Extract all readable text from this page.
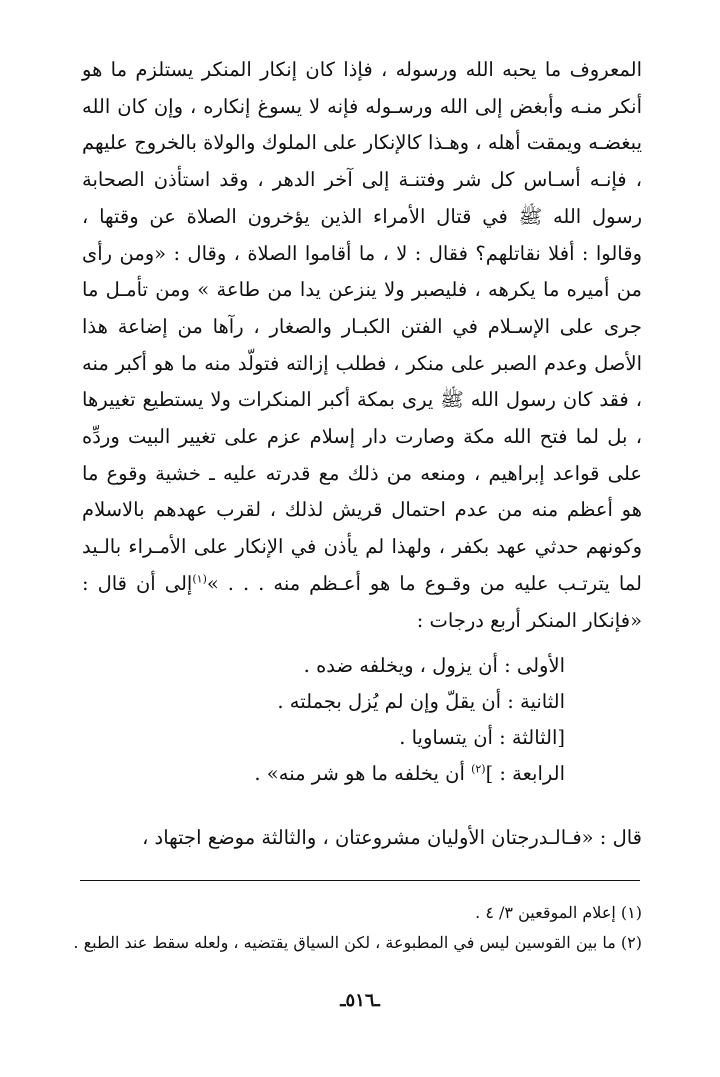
المعروف ما يحبه الله ورسوله ، فإذا كان إنكار المنكر يستلزم ما هو أنكر منـه وأبغض إلى الله ورسـوله فإنه لا يسوغ إنكاره ، وإن كان الله يبغضـه ويمقت أهله ، وهـذا كالإنكار على الملوك والولاة بالخروج عليهم ، فإنـه أسـاس كل شر وفتنـة إلى آخر الدهر ، وقد استأذن الصحابة رسول الله ﷺ في قتال الأمراء الذين يؤخرون الصلاة عن وقتها ، وقالوا : أفلا نقاتلهم؟ فقال : لا ، ما أقاموا الصلاة ، وقال : «ومن رأى من أميره ما يكرهه ، فليصبر ولا ينزعن يدا من طاعة » ومن تأمـل ما جرى على الإسـلام في الفتن الكبـار والصغار ، رآها من إضاعة هذا الأصل وعدم الصبر على منكر ، فطلب إزالته فتولّد منه ما هو أكبر منه ، فقد كان رسول الله ﷺ يرى بمكة أكبر المنكرات ولا يستطيع تغييرها ، بل لما فتح الله مكة وصارت دار إسلام عزم على تغيير البيت وردِّه على قواعد إبراهيم ، ومنعه من ذلك مع قدرته عليه ـ خشية وقوع ما هو أعظم منه من عدم احتمال قريش لذلك ، لقرب عهدهم بالاسلام وكونهم حدثي عهد بكفر ، ولهذا لم يأذن في الإنكار على الأمـراء بالـيد لما يترتـب عليه من وقـوع ما هو أعـظم منه . . . »$^{(١)}$إلى أن قال : «فإنكار المنكر أربع درجات :

الأولى : أن يزول ، ويخلفه ضده .
الثانية : أن يقلّ وإن لم يُزل بجملته .
[الثالثة : أن يتساويا .
الرابعة : ]$^{(٢)}$ أن يخلفه ما هو شر منه» .

قال : «فـالـدرجتان الأوليان مشروعتان ، والثالثة موضع اجتهاد ،

(١) إعلام الموقعين ٣/ ٤ .
(٢) ما بين القوسين ليس في المطبوعة ، لكن السياق يقتضيه ، ولعله سقط عند الطبع .
ـ٥١٦ـ
